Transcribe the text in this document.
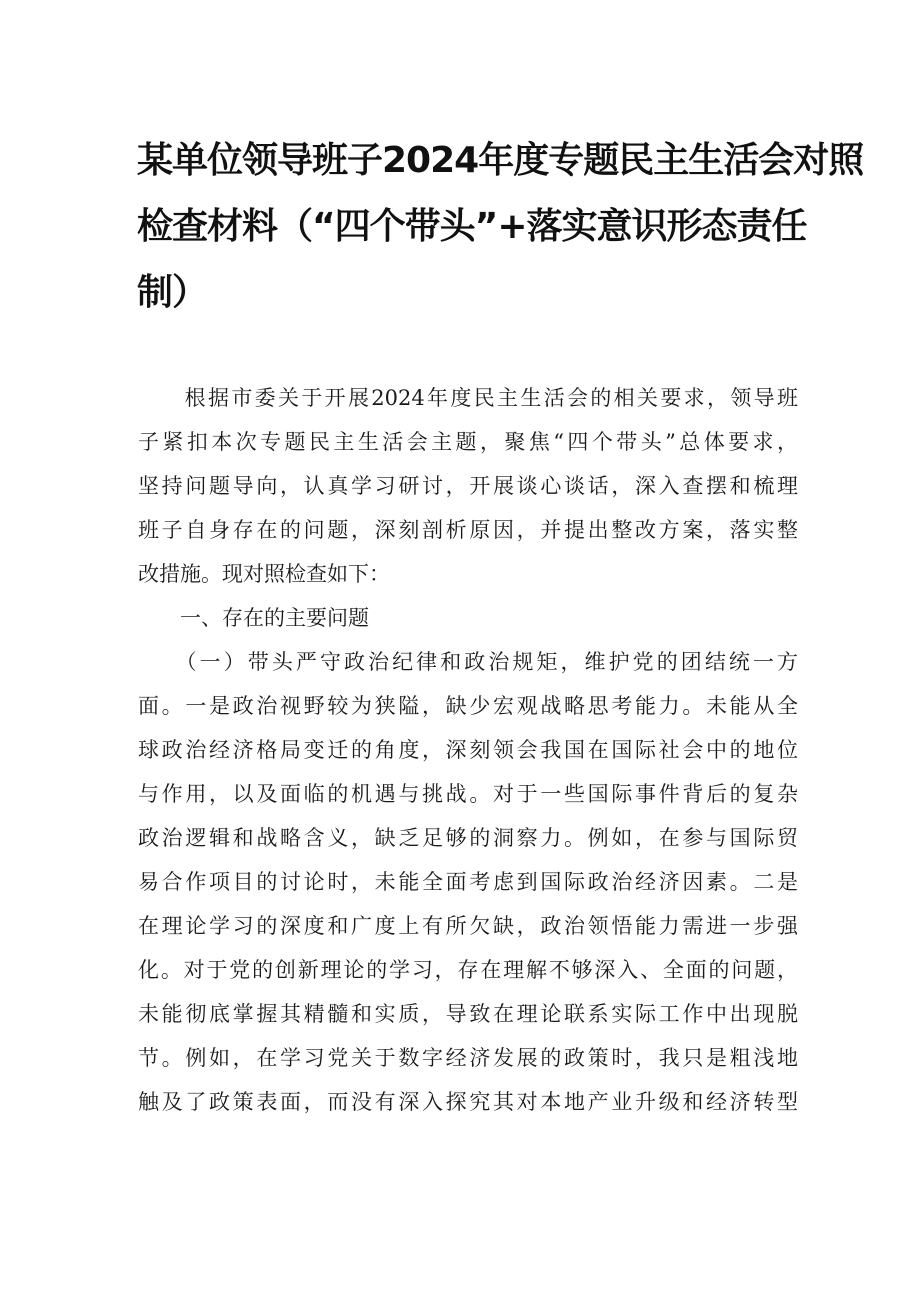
某单位领导班子2024年度专题民主生活会对照
检查材料（“四个带头”+落实意识形态责任
制）
　　根据市委关于开展2024年度民主生活会的相关要求，领导班
子紧扣本次专题民主生活会主题，聚焦“四个带头”总体要求，
坚持问题导向，认真学习研讨，开展谈心谈话，深入查摆和梳理
班子自身存在的问题，深刻剖析原因，并提出整改方案，落实整
改措施。现对照检查如下：
一、存在的主要问题
　　（一）带头严守政治纪律和政治规矩，维护党的团结统一方
面。一是政治视野较为狭隘，缺少宏观战略思考能力。未能从全
球政治经济格局变迁的角度，深刻领会我国在国际社会中的地位
与作用，以及面临的机遇与挑战。对于一些国际事件背后的复杂
政治逻辑和战略含义，缺乏足够的洞察力。例如，在参与国际贸
易合作项目的讨论时，未能全面考虑到国际政治经济因素。二是
在理论学习的深度和广度上有所欠缺，政治领悟能力需进一步强
化。对于党的创新理论的学习，存在理解不够深入、全面的问题，
未能彻底掌握其精髓和实质，导致在理论联系实际工作中出现脱
节。例如，在学习党关于数字经济发展的政策时，我只是粗浅地
触及了政策表面，而没有深入探究其对本地产业升级和经济转型
